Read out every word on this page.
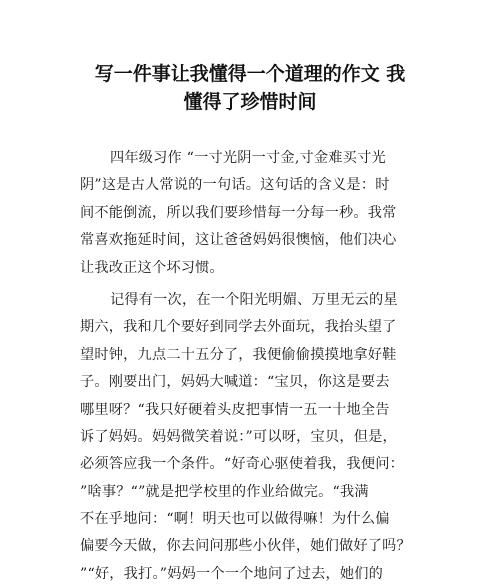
写一件事让我懂得一个道理的作文 我
懂得了珍惜时间
四年级习作 “一寸光阴一寸金,寸金难买寸光
阴”这是古人常说的一句话。这句话的含义是：时
间不能倒流，所以我们要珍惜每一分每一秒。我常
常喜欢拖延时间，这让爸爸妈妈很懊恼，他们决心
让我改正这个坏习惯。
记得有一次，在一个阳光明媚、万里无云的星
期六，我和几个要好到同学去外面玩，我抬头望了
望时钟，九点二十五分了，我便偷偷摸摸地拿好鞋
子。刚要出门，妈妈大喊道：“宝贝，你这是要去
哪里呀？“我只好硬着头皮把事情一五一十地全告
诉了妈妈。妈妈微笑着说：”可以呀，宝贝，但是，
必须答应我一个条件。“好奇心驱使着我，我便问：
”啥事？“”就是把学校里的作业给做完。“我满
不在乎地问：“啊！明天也可以做得嘛！为什么偏
偏要今天做，你去问问那些小伙伴，她们做好了吗？
”“好，我打。”妈妈一个一个地问了过去，她们的
